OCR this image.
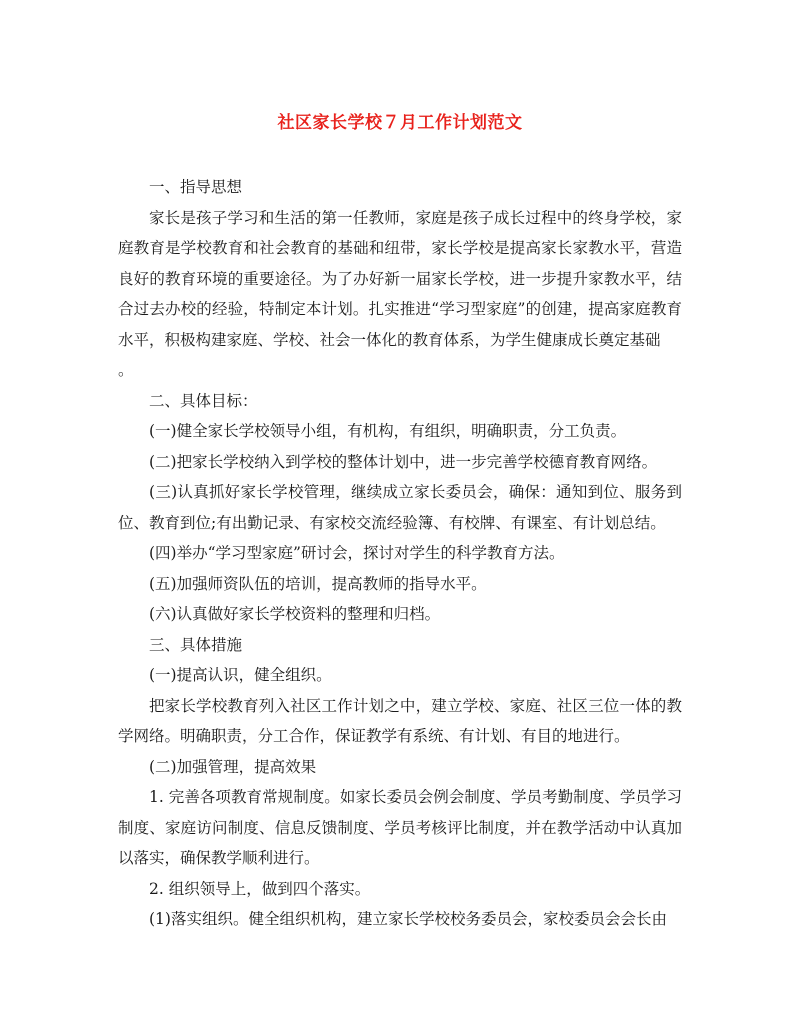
社区家长学校７月工作计划范文

一、指导思想

家长是孩子学习和生活的第一任教师，家庭是孩子成长过程中的终身学校，家庭教育是学校教育和社会教育的基础和纽带，家长学校是提高家长家教水平，营造良好的教育环境的重要途径。为了办好新一届家长学校，进一步提升家教水平，结合过去办校的经验，特制定本计划。扎实推进“学习型家庭”的创建，提高家庭教育水平，积极构建家庭、学校、社会一体化的教育体系，为学生健康成长奠定基础

。

二、具体目标：

(一)健全家长学校领导小组，有机构，有组织，明确职责，分工负责。

(二)把家长学校纳入到学校的整体计划中，进一步完善学校德育教育网络。

(三)认真抓好家长学校管理，继续成立家长委员会，确保：通知到位、服务到位、教育到位;有出勤记录、有家校交流经验簿、有校牌、有课室、有计划总结。

(四)举办“学习型家庭”研讨会，探讨对学生的科学教育方法。

(五)加强师资队伍的培训，提高教师的指导水平。

(六)认真做好家长学校资料的整理和归档。

三、具体措施

(一)提高认识，健全组织。

把家长学校教育列入社区工作计划之中，建立学校、家庭、社区三位一体的教学网络。明确职责，分工合作，保证教学有系统、有计划、有目的地进行。

(二)加强管理，提高效果

1. 完善各项教育常规制度。如家长委员会例会制度、学员考勤制度、学员学习制度、家庭访问制度、信息反馈制度、学员考核评比制度，并在教学活动中认真加以落实，确保教学顺利进行。

2. 组织领导上，做到四个落实。

(1)落实组织。健全组织机构，建立家长学校校务委员会，家校委员会会长由
